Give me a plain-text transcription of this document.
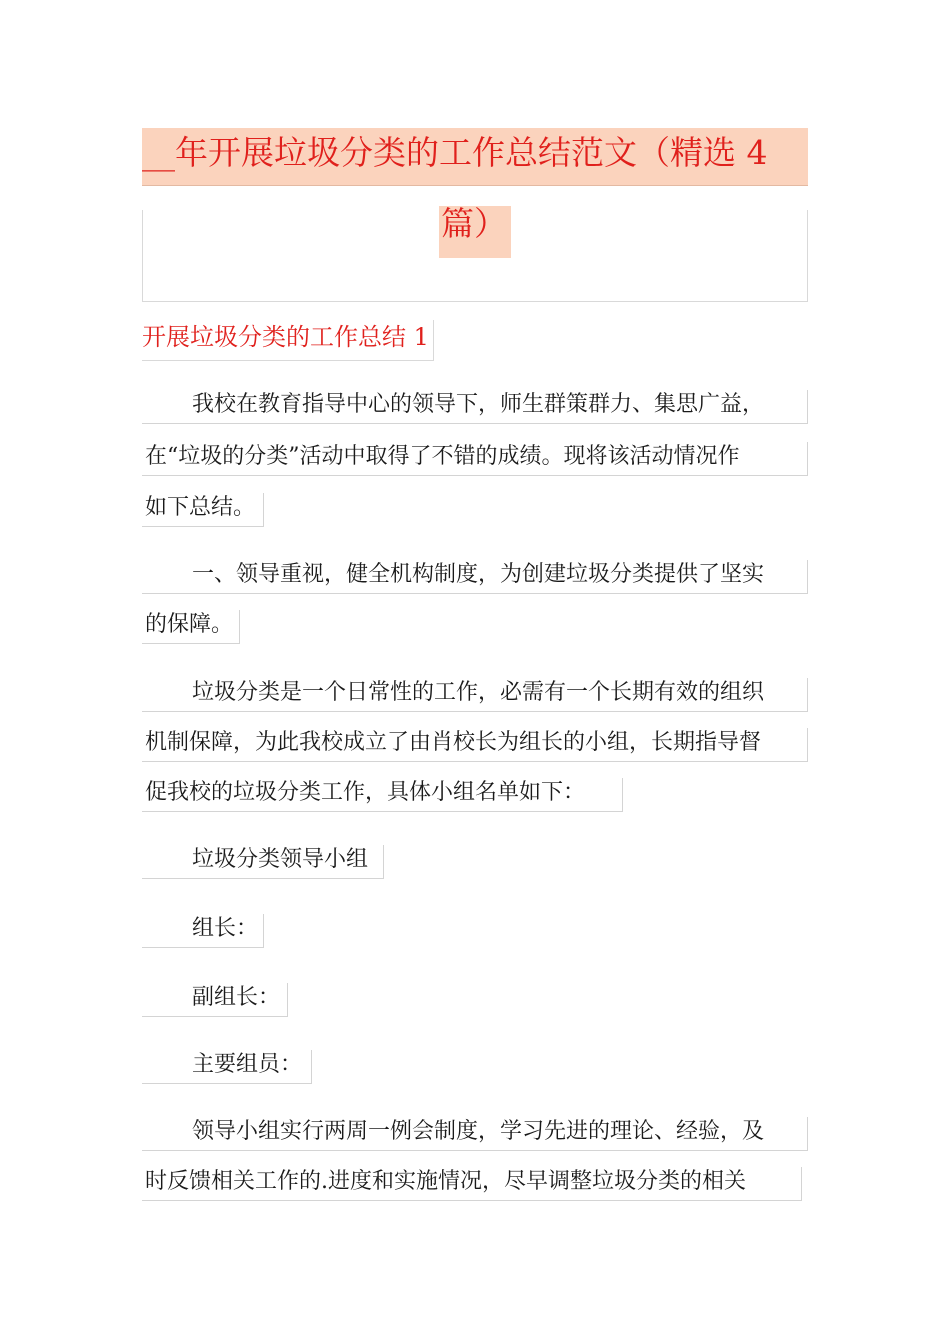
__年开展垃圾分类的工作总结范文（精选 4
篇）
开展垃圾分类的工作总结 1
我校在教育指导中心的领导下，师生群策群力、集思广益，
在“垃圾的分类”活动中取得了不错的成绩。现将该活动情况作
如下总结。
一、领导重视，健全机构制度，为创建垃圾分类提供了坚实
的保障。
垃圾分类是一个日常性的工作，必需有一个长期有效的组织
机制保障，为此我校成立了由肖校长为组长的小组，长期指导督
促我校的垃圾分类工作，具体小组名单如下：
垃圾分类领导小组
组长：
副组长：
主要组员：
领导小组实行两周一例会制度，学习先进的理论、经验，及
时反馈相关工作的.进度和实施情况，尽早调整垃圾分类的相关
